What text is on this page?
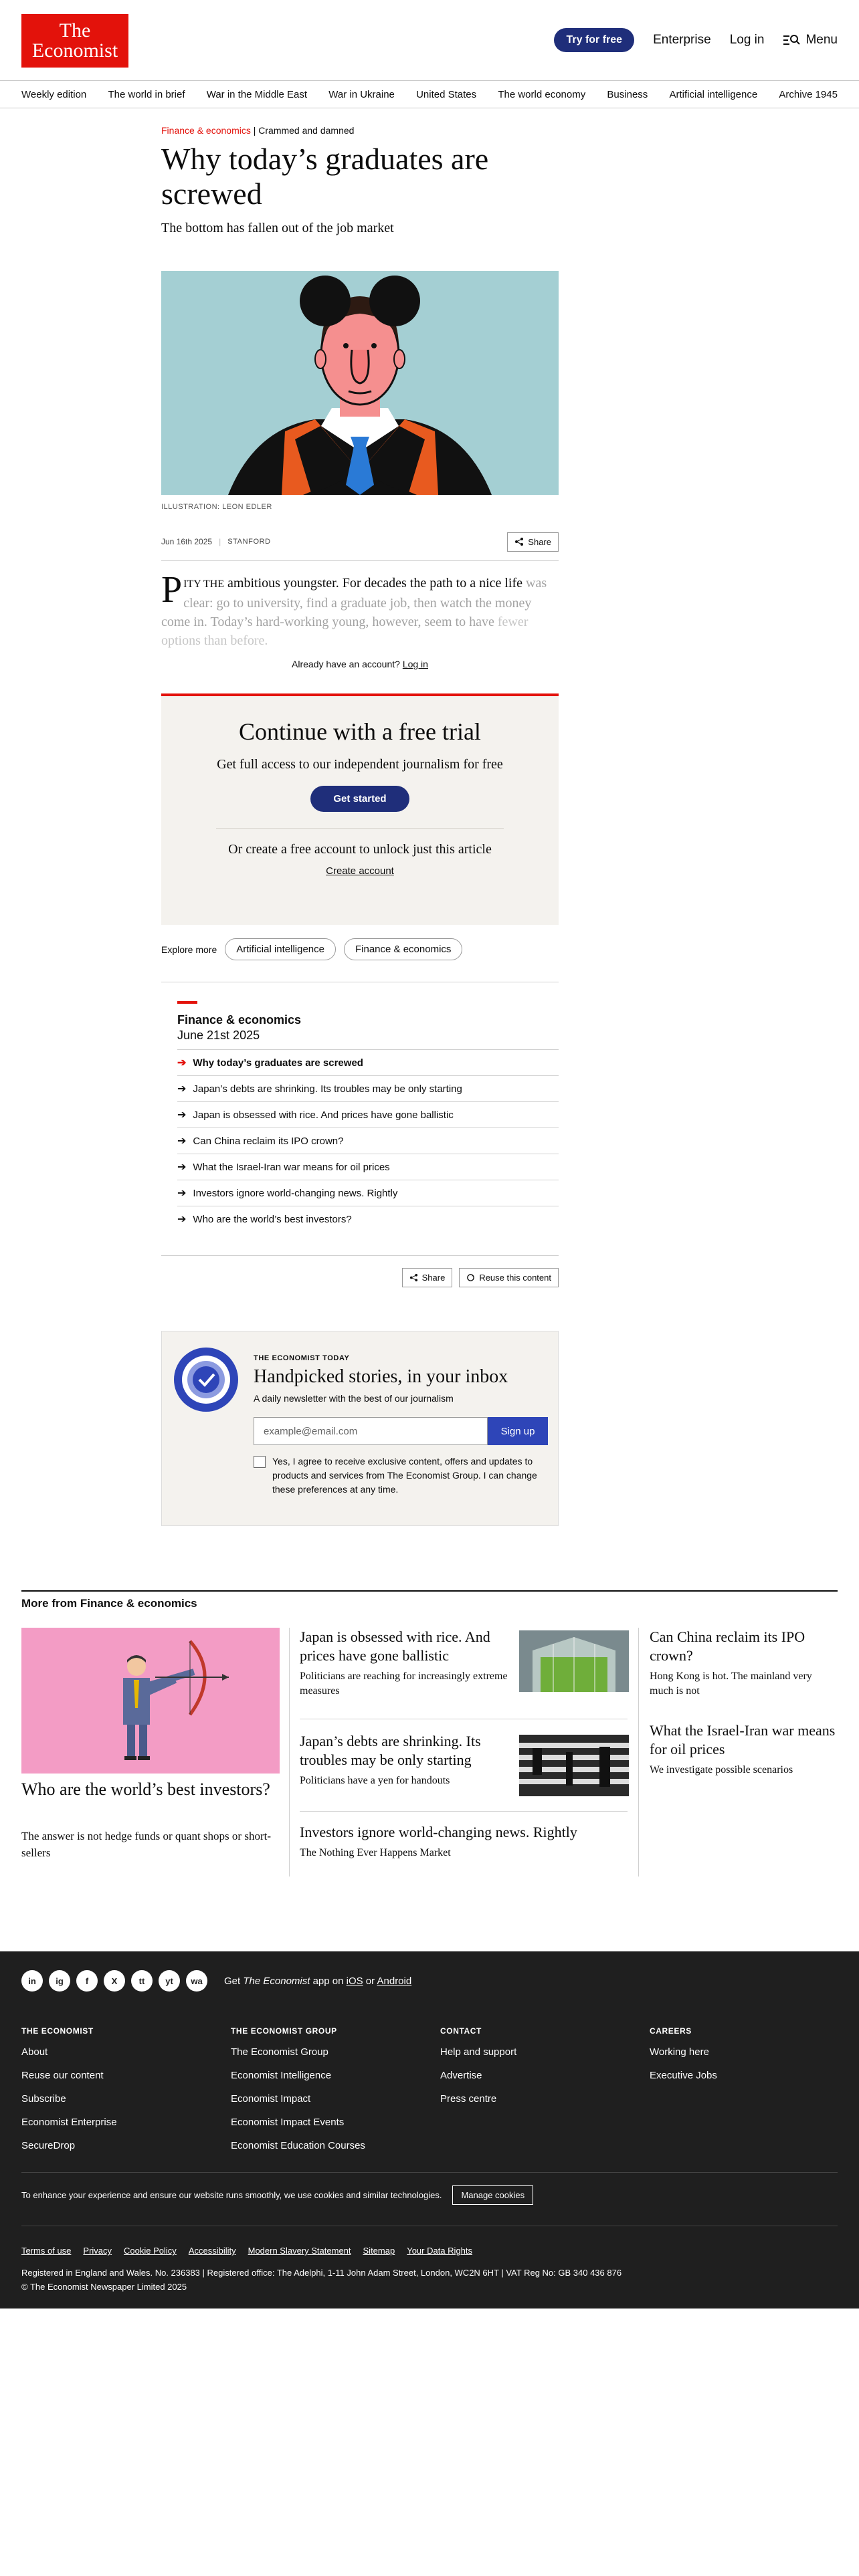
The
Economist	Try for free	Enterprise Log in	Menu
Weekly edition The world in brief War in the Middle East War in Ukraine United States The world economy Business Artificial intelligence Archive 1945
Finance & economics | Crammed and damned
Why today’s graduates are screwed
The bottom has fallen out of the job market
ILLUSTRATION: LEON EDLER
Jun 16th 2025 | STANFORD	Share
PITY THE ambitious youngster. For decades the path to a nice life was clear: go to university, find a graduate job, then watch the money come in. Today’s hard-working young, however, seem to have fewer options than before.
Already have an account? Log in
Continue with a free trial
Get full access to our independent journalism for free
Get started
Or create a free account to unlock just this article
Create account
Explore more	Artificial intelligence	Finance & economics
Finance & economics
June 21st 2025
➔ Why today’s graduates are screwed
➔ Japan’s debts are shrinking. Its troubles may be only starting
➔ Japan is obsessed with rice. And prices have gone ballistic
➔ Can China reclaim its IPO crown?
➔ What the Israel-Iran war means for oil prices
➔ Investors ignore world-changing news. Rightly
➔ Who are the world’s best investors?
Share	Reuse this content
THE ECONOMIST TODAY
Handpicked stories, in your inbox
A daily newsletter with the best of our journalism
example@email.com	Sign up
Yes, I agree to receive exclusive content, offers and updates to products and services from The Economist Group. I can change these preferences at any time.
More from Finance & economics
Who are the world’s best investors?
The answer is not hedge funds or quant shops or short-sellers
Japan is obsessed with rice. And prices have gone ballistic
Politicians are reaching for increasingly extreme measures
Japan’s debts are shrinking. Its troubles may be only starting
Politicians have a yen for handouts
Investors ignore world-changing news. Rightly
The Nothing Ever Happens Market
Can China reclaim its IPO crown?
Hong Kong is hot. The mainland very much is not
What the Israel-Iran war means for oil prices
We investigate possible scenarios
in	ig	f	X	tt	yt	wa	Get The Economist app on iOS or Android
THE ECONOMIST
About
Reuse our content
Subscribe
Economist Enterprise
SecureDrop
THE ECONOMIST GROUP
The Economist Group
Economist Intelligence
Economist Impact
Economist Impact Events
Economist Education Courses
CONTACT
Help and support
Advertise
Press centre
CAREERS
Working here
Executive Jobs
To enhance your experience and ensure our website runs smoothly, we use cookies and similar technologies.	Manage cookies
Terms of use Privacy Cookie Policy Accessibility Modern Slavery Statement Sitemap Your Data Rights
Registered in England and Wales. No. 236383 | Registered office: The Adelphi, 1-11 John Adam Street, London, WC2N 6HT | VAT Reg No: GB 340 436 876
© The Economist Newspaper Limited 2025
